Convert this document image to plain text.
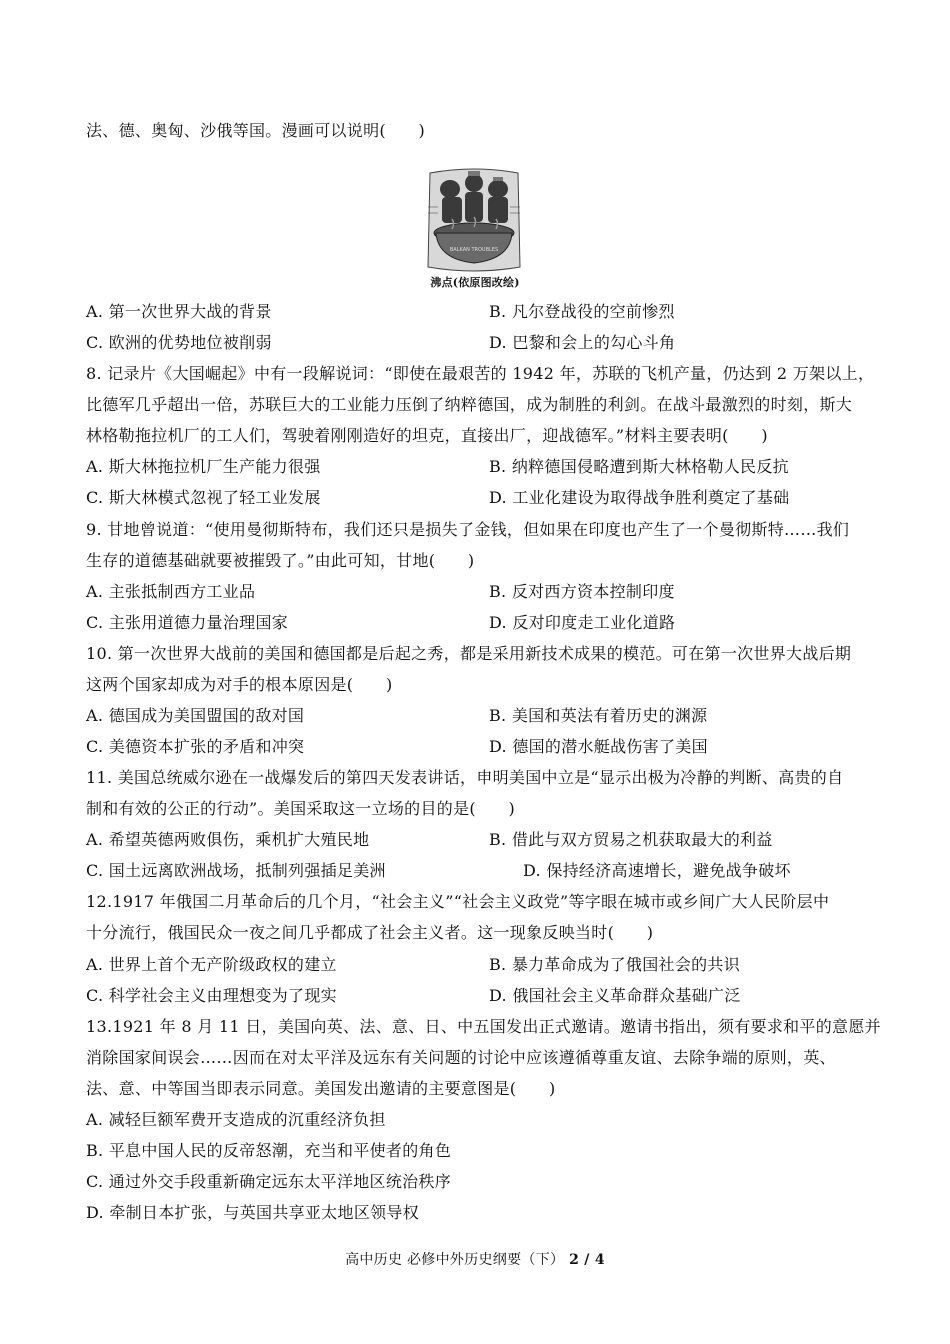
法、德、奥匈、沙俄等国。漫画可以说明(　　)
BALKAN TROUBLES
沸点(依原图改绘)
A. 第一次世界大战的背景	B. 凡尔登战役的空前惨烈
C. 欧洲的优势地位被削弱	D. 巴黎和会上的勾心斗角
8. 记录片《大国崛起》中有一段解说词：“即使在最艰苦的 1942 年，苏联的飞机产量，仍达到 2 万架以上，
比德军几乎超出一倍，苏联巨大的工业能力压倒了纳粹德国，成为制胜的利剑。在战斗最激烈的时刻，斯大
林格勒拖拉机厂的工人们，驾驶着刚刚造好的坦克，直接出厂，迎战德军。”材料主要表明(　　)
A. 斯大林拖拉机厂生产能力很强	B. 纳粹德国侵略遭到斯大林格勒人民反抗
C. 斯大林模式忽视了轻工业发展	D. 工业化建设为取得战争胜利奠定了基础
9. 甘地曾说道：“使用曼彻斯特布，我们还只是损失了金钱，但如果在印度也产生了一个曼彻斯特……我们
生存的道德基础就要被摧毁了。”由此可知，甘地(　　)
A. 主张抵制西方工业品	B. 反对西方资本控制印度
C. 主张用道德力量治理国家	D. 反对印度走工业化道路
10. 第一次世界大战前的美国和德国都是后起之秀，都是采用新技术成果的模范。可在第一次世界大战后期
这两个国家却成为对手的根本原因是(　　)
A. 德国成为美国盟国的敌对国	B. 美国和英法有着历史的渊源
C. 美德资本扩张的矛盾和冲突	D. 德国的潜水艇战伤害了美国
11. 美国总统威尔逊在一战爆发后的第四天发表讲话，申明美国中立是“显示出极为冷静的判断、高贵的自
制和有效的公正的行动”。美国采取这一立场的目的是(　　)
A. 希望英德两败俱伤，乘机扩大殖民地	B. 借此与双方贸易之机获取最大的利益
C. 国土远离欧洲战场，抵制列强插足美洲	D. 保持经济高速增长，避免战争破坏
12.1917 年俄国二月革命后的几个月，“社会主义”“社会主义政党”等字眼在城市或乡间广大人民阶层中
十分流行，俄国民众一夜之间几乎都成了社会主义者。这一现象反映当时(　　)
A. 世界上首个无产阶级政权的建立	B. 暴力革命成为了俄国社会的共识
C. 科学社会主义由理想变为了现实	D. 俄国社会主义革命群众基础广泛
13.1921 年 8 月 11 日，美国向英、法、意、日、中五国发出正式邀请。邀请书指出，须有要求和平的意愿并
消除国家间误会……因而在对太平洋及远东有关问题的讨论中应该遵循尊重友谊、去除争端的原则，英、
法、意、中等国当即表示同意。美国发出邀请的主要意图是(　　)
A. 减轻巨额军费开支造成的沉重经济负担
B. 平息中国人民的反帝怒潮，充当和平使者的角色
C. 通过外交手段重新确定远东太平洋地区统治秩序
D. 牵制日本扩张，与英国共享亚太地区领导权
高中历史 必修中外历史纲要（下） 2 / 4
